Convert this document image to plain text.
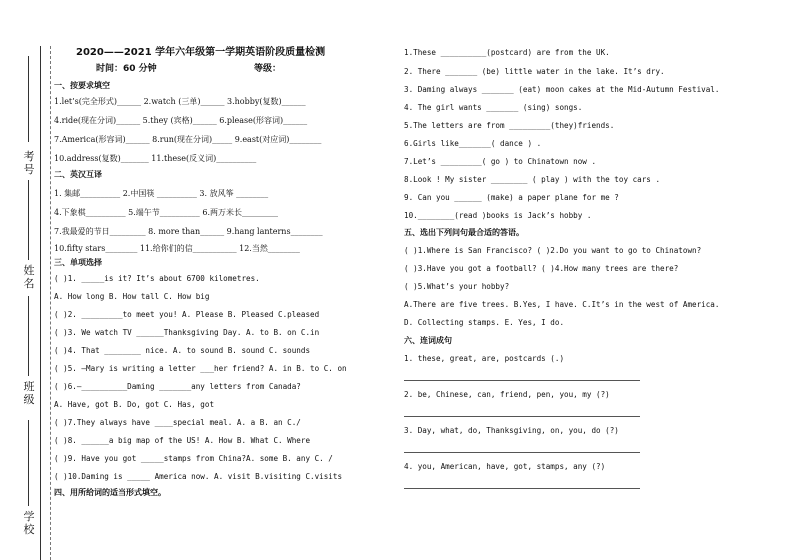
考号
姓名
班级
学校
2020——2021 学年六年级第一学期英语阶段质量检测
时间：60 分钟	等级：
一、按要求填空
1.let’s(完全形式)______ 2.watch (三单)______ 3.hobby(复数)______
4.ride(现在分词)______ 5.they (宾格)______ 6.please(形容词)______
7.America(形容词)______ 8.run(现在分词)_____ 9.east(对应词)________
10.address(复数)_______ 11.these(反义词)__________
二、英汉互译
1. 集邮__________ 2.中国筷 __________ 3. 放风筝 ________
4.下象棋__________ 5.端午节__________ 6.两万米长_________
7.我最爱的节日_________ 8. more than______ 9.hang lanterns________
10.fifty stars________ 11.给你们的信___________ 12.当然________
三、单项选择
( )1. _____is it? It’s about 6700 kilometres.
A. How long B. How tall C. How big
( )2. _________to meet you! A. Please B. Pleased C.pleased
( )3. We watch TV ______Thanksgiving Day. A. to B. on C.in
( )4. That ________ nice. A. to sound B. sound C. sounds
( )5. —Mary is writing a letter ___her friend? A. in B. to C. on
( )6.—__________Daming _______any letters from Canada?
A. Have, got B. Do, got C. Has, got
( )7.They always have ____special meal. A. a B. an C./
( )8. ______a big map of the US! A. How B. What C. Where
( )9. Have you got _____stamps from China?A. some B. any C. /
( )10.Daming is _____ America now. A. visit B.visiting C.visits
四、用所给词的适当形式填空。
1.These __________(postcard) are from the UK.
2. There _______ (be) little water in the lake. It’s dry.
3. Daming always _______ (eat) moon cakes at the Mid-Autumn Festival.
4. The girl wants _______ (sing) songs.
5.The letters are from _________(they)friends.
6.Girls like_______( dance ) .
7.Let’s _________( go ) to Chinatown now .
8.Look ! My sister ________ ( play ) with the toy cars .
9. Can you ______ (make) a paper plane for me ?
10.________(read )books is Jack’s hobby .
五、选出下列问句最合适的答语。
( )1.Where is San Francisco? ( )2.Do you want to go to Chinatown?
( )3.Have you got a football? ( )4.How many trees are there?
( )5.What’s your hobby?
A.There are five trees. B.Yes, I have. C.It’s in the west of America.
D. Collecting stamps. E. Yes, I do.
六、连词成句
1. these, great, are, postcards (.)
2. be, Chinese, can, friend, pen, you, my (?)
3. Day, what, do, Thanksgiving, on, you, do (?)
4. you, American, have, got, stamps, any (?)
